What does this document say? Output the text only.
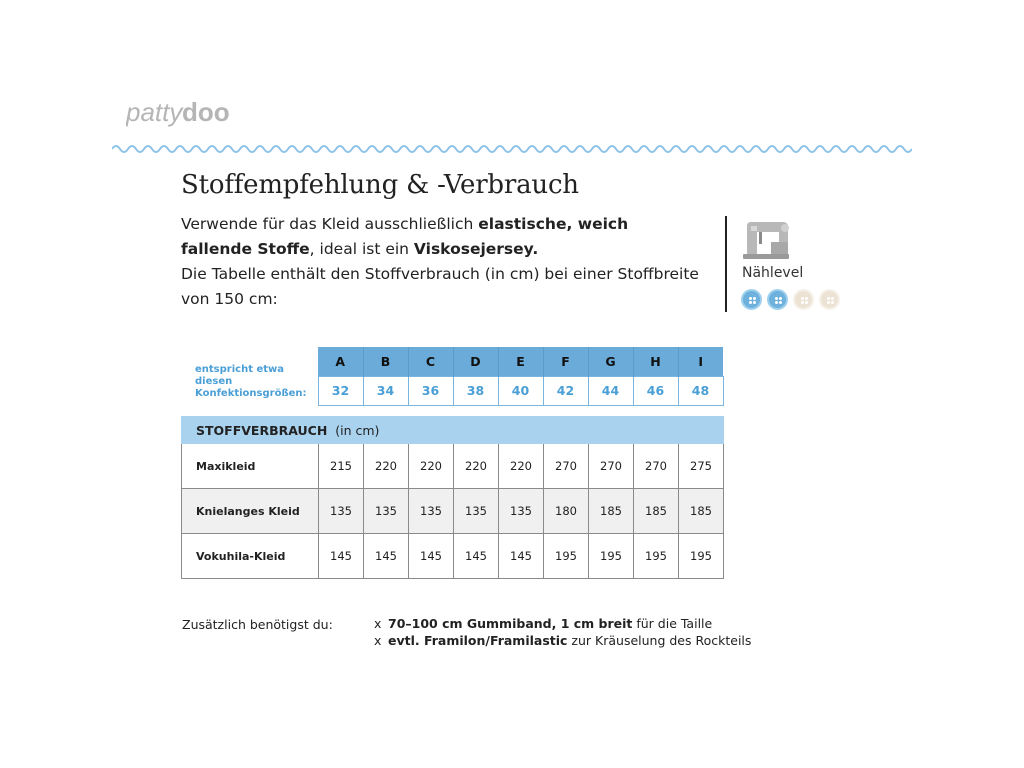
patty doo
Stoffempfehlung & -Verbrauch
Verwende für das Kleid ausschließlich elastische, weich fallende Stoffe, ideal ist ein Viskosejersey.
Die Tabelle enthält den Stoffverbrauch (in cm) bei einer Stoffbreite von 150 cm:
Nählevel
entspricht etwa diesen Konfektionsgrößen:	A	B	C	D	E	F	G	H	I
	32	34	36	38	40	42	44	46	48
STOFFVERBRAUCH (in cm)									
Maxikleid	215	220	220	220	220	270	270	270	275
Knielanges Kleid	135	135	135	135	135	180	185	185	185
Vokuhila-Kleid	145	145	145	145	145	195	195	195	195
Zusätzlich benötigst du:	x 70–100 cm Gummiband, 1 cm breit für die Taille
x evtl. Framilon/Framilastic zur Kräuselung des Rockteils
